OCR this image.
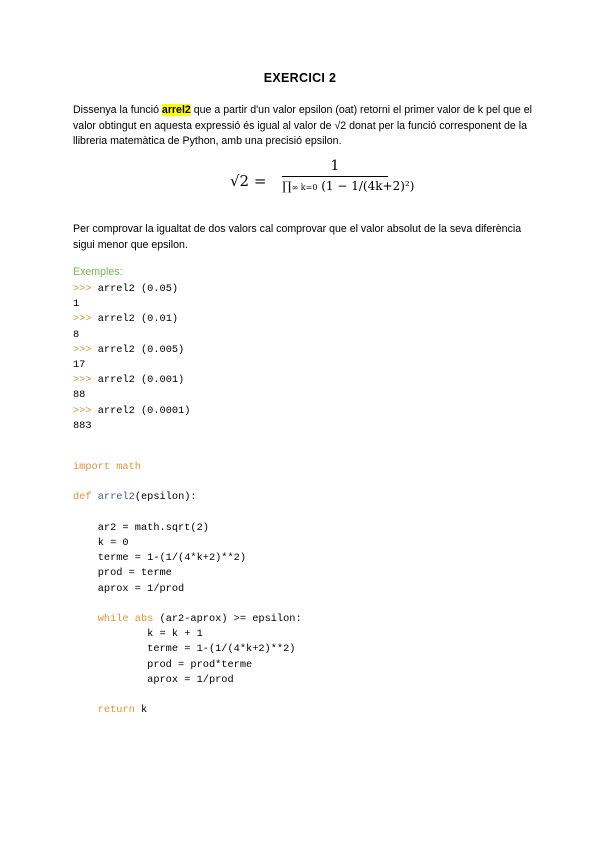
EXERCICI 2
Dissenya la funció arrel2 que a partir d'un valor epsilon (oat) retorni el primer valor de k pel que el valor obtingut en aquesta expressió és igual al valor de √2 donat per la funció corresponent de la llibreria matemàtica de Python, amb una precisió epsilon.
√2 =
1
∏∞ k=0 (1 − 1/(4k+2)²)
Per comprovar la igualtat de dos valors cal comprovar que el valor absolut de la seva diferència sigui menor que epsilon.
Exemples:
>>> arrel2 (0.05)
1
>>> arrel2 (0.01)
8
>>> arrel2 (0.005)
17
>>> arrel2 (0.001)
88
>>> arrel2 (0.0001)
883
import math

def arrel2(epsilon):

ar2 = math.sqrt(2)
k = 0
terme = 1-(1/(4*k+2)**2)
prod = terme
aprox = 1/prod

while abs (ar2-aprox) >= epsilon:
k = k + 1
terme = 1-(1/(4*k+2)**2)
prod = prod*terme
aprox = 1/prod

return k
